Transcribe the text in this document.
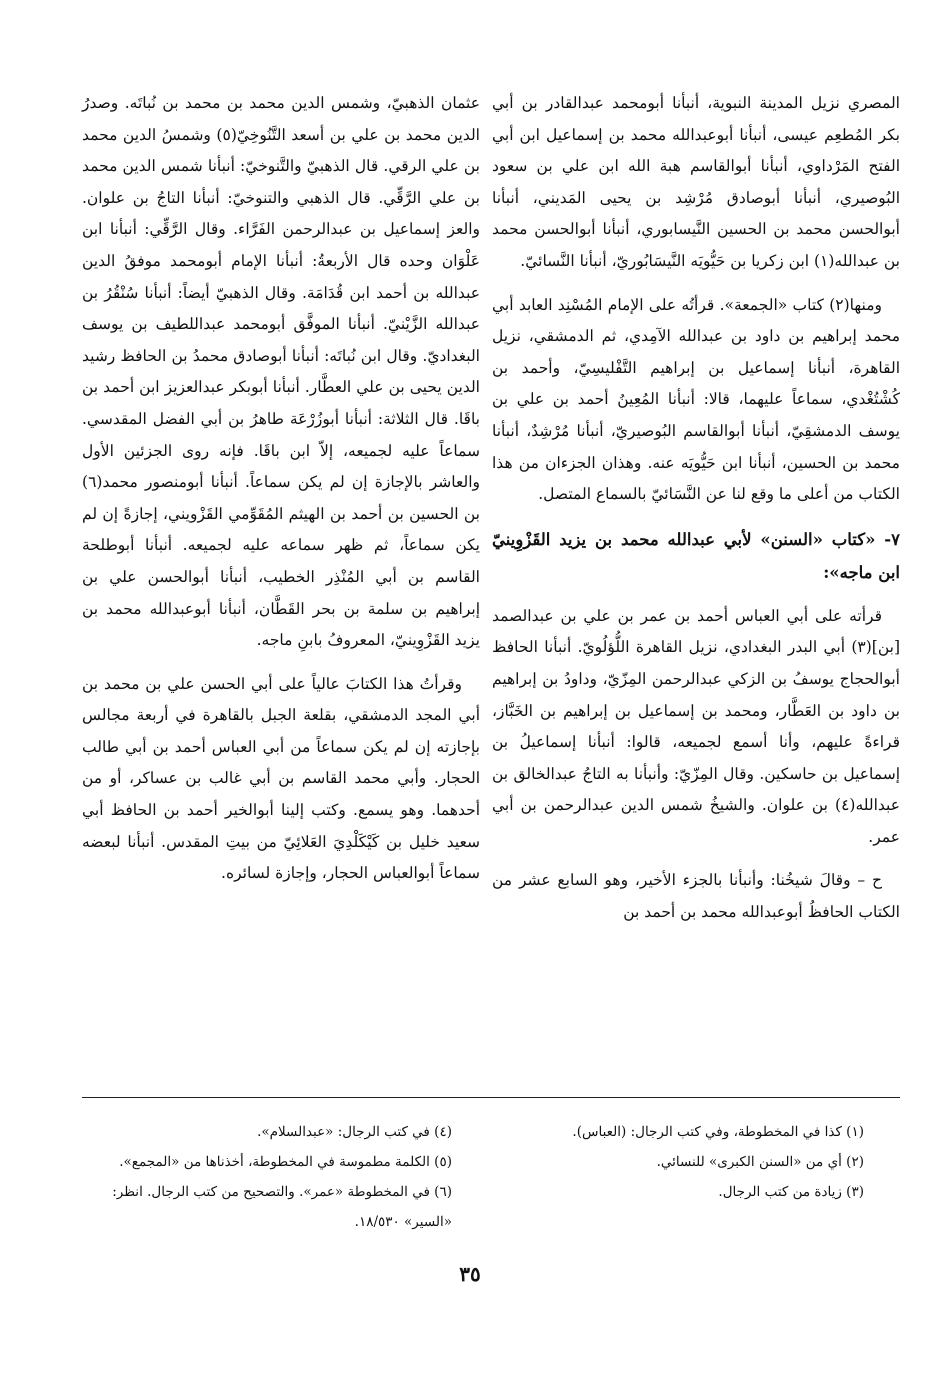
المصري نزيل المدينة النبوية، أنبأنا أبومحمد عبدالقادر بن أبي بكر المُطعِم عيسى، أنبأنا أبوعبدالله محمد بن إسماعيل ابن أبي الفتح المَرْداوي، أنبأنا أبوالقاسم هبة الله ابن علي بن سعود البُوصيري، أنبأنا أبوصادق مُرْشِد بن يحيى المَديني، أنبأنا أبوالحسن محمد بن الحسين النَّيسابوري، أنبأنا أبوالحسن محمد بن عبدالله(١) ابن زكريا بن حَيُّويَه النَّيسَابُوريّ، أنبأنا النَّسائيّ.

ومنها(٢) كتاب «الجمعة». قرأتُه على الإمام المُسْنِد العابد أبي محمد إبراهيم بن داود بن عبدالله الآمِدي، ثم الدمشقي، نزيل القاهرة، أنبأنا إسماعيل بن إبراهيم التَّفْليسِيّ، وأحمد بن كُشْتُغْدي، سماعاً عليهما، قالا: أنبأنا المُعِينُ أحمد بن علي بن يوسف الدمشقِيّ، أنبأنا أبوالقاسم البُوصيريّ، أنبأنا مُرْشِدٌ، أنبأنا محمد بن الحسين، أنبأنا ابن حَيُّويَه عنه. وهذان الجزءان من هذا الكتاب من أعلى ما وقع لنا عن النَّسَائيّ بالسماع المتصل.

٧- «كتاب «السنن» لأبي عبدالله محمد بن يزيد القَزْوِينيّ ابن ماجه»:

قرأته على أبي العباس أحمد بن عمر بن علي بن عبدالصمد [بن](٣) أبي البدر البغدادي، نزيل القاهرة اللُّؤلُويّ. أنبأنا الحافظ أبوالحجاج يوسفُ بن الزكي عبدالرحمن المِزّيّ، وداودُ بن إبراهيم بن داود بن العَطَّار، ومحمد بن إسماعيل بن إبراهيم بن الخَبَّاز، قراءةً عليهم، وأنا أسمع لجميعه، قالوا: أنبأنا إسماعيلُ بن إسماعيل بن حاسكين. وقال المِزّيّ: وأنبأنا به التاجُ عبدالخالق بن عبدالله(٤) بن علوان. والشيخُ شمس الدين عبدالرحمن بن أبي عمر.

ح – وقالَ شيخُنا: وأنبأنا بالجزء الأخير، وهو السابع عشر من الكتاب الحافظُ أبوعبدالله محمد بن أحمد بن

عثمان الذهبيّ، وشمس الدين محمد بن محمد بن نُباتَه. وصدرُ الدين محمد بن علي بن أسعد التَّنُوخِيّ(٥) وشمسُ الدين محمد بن علي الرقي. قال الذهبيّ والتَّنوخيّ: أنبأنا شمس الدين محمد بن علي الرَّقِّي. قال الذهبي والتنوخيّ: أنبأنا التاجُ بن علوان. والعز إسماعيل بن عبدالرحمن الفَرَّاء. وقال الرَّقِّي: أنبأنا ابن عَلْوَان وحده قال الأربعةُ: أنبأنا الإمام أبومحمد موفقُ الدين عبدالله بن أحمد ابن قُدَامَة. وقال الذهبيّ أيضاً: أنبأنا سُنْقُرُ بن عبدالله الزَّيْنيّ. أنبأنا الموفَّق أبومحمد عبداللطيف بن يوسف البغداديّ. وقال ابن نُباتَه: أنبأنا أبوصادق محمدُ بن الحافظ رشيد الدين يحيى بن علي العطَّار. أنبأنا أبوبكر عبدالعزيز ابن أحمد بن باقَا. قال الثلاثة: أنبأنا أبوزُرْعَة طاهرُ بن أبي الفضل المقدسي. سماعاً عليه لجميعه، إلاّ ابن باقَا. فإنه روى الجزئين الأول والعاشر بالإجازة إن لم يكن سماعاً. أنبأنا أبومنصور محمد(٦) بن الحسين بن أحمد بن الهيثم المُقَوِّمي القَزْويني، إجازةً إن لم يكن سماعاً، ثم ظهر سماعه عليه لجميعه. أنبأنا أبوطلحة القاسم بن أبي المُنْذِر الخطيب، أنبأنا أبوالحسن علي بن إبراهيم بن سلمة بن بحر القَطَّان، أنبأنا أبوعبدالله محمد بن يزيد القَزْوِينيّ، المعروفُ بابنِ ماجه.

وقرأتُ هذا الكتابَ عالياً على أبي الحسن علي بن محمد بن أبي المجد الدمشقي، بقلعة الجبل بالقاهرة في أربعة مجالس بإجازته إن لم يكن سماعاً من أبي العباس أحمد بن أبي طالب الحجار. وأبي محمد القاسم بن أبي غالب بن عساكر، أو من أحدهما. وهو يسمع. وكتب إلينا أبوالخير أحمد بن الحافظ أبي سعيد خليل بن كَيْكَلْدِيَ العَلائِيّ من بيتِ المقدس. أنبأنا لبعضه سماعاً أبوالعباس الحجار، وإجازة لسائره.

(١) كذا في المخطوطة، وفي كتب الرجال: (العباس).

(٢) أي من «السنن الكبرى» للنسائي.

(٣) زيادة من كتب الرجال.

(٤) في كتب الرجال: «عبدالسلام».

(٥) الكلمة مطموسة في المخطوطة، أخذناها من «المجمع».

(٦) في المخطوطة «عمر». والتصحيح من كتب الرجال. انظر: «السير» ١٨/٥٣٠.

٣٥
